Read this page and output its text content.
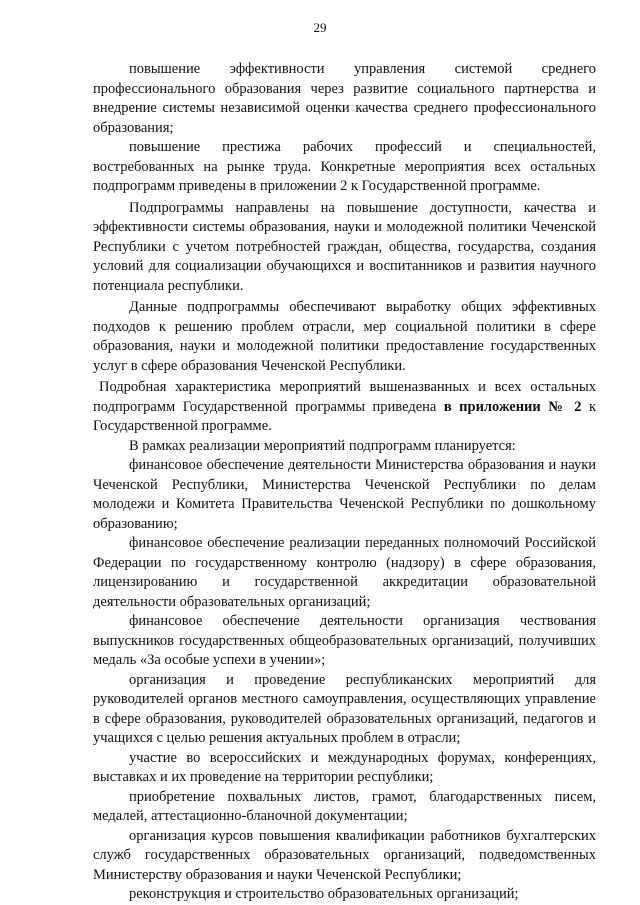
29

повышение эффективности управления системой среднего профессионального образования через развитие социального партнерства и внедрение системы независимой оценки качества среднего профессионального образования;

повышение престижа рабочих профессий и специальностей, востребованных на рынке труда. Конкретные мероприятия всех остальных подпрограмм приведены в приложении 2 к Государственной программе.

Подпрограммы направлены на повышение доступности, качества и эффективности системы образования, науки и молодежной политики Чеченской Республики с учетом потребностей граждан, общества, государства, создания условий для социализации обучающихся и воспитанников и развития научного потенциала республики.

Данные подпрограммы обеспечивают выработку общих эффективных подходов к решению проблем отрасли, мер социальной политики в сфере образования, науки и молодежной политики предоставление государственных услуг в сфере образования Чеченской Республики.

Подробная характеристика мероприятий вышеназванных и всех остальных подпрограмм Государственной программы приведена в приложении № 2 к Государственной программе.

В рамках реализации мероприятий подпрограмм планируется:

финансовое обеспечение деятельности Министерства образования и науки Чеченской Республики, Министерства Чеченской Республики по делам молодежи и Комитета Правительства Чеченской Республики по дошкольному образованию;

финансовое обеспечение реализации переданных полномочий Российской Федерации по государственному контролю (надзору) в сфере образования, лицензированию и государственной аккредитации образовательной деятельности образовательных организаций;

финансовое обеспечение деятельности организация чествования выпускников государственных общеобразовательных организаций, получивших медаль «За особые успехи в учении»;

организация и проведение республиканских мероприятий для руководителей органов местного самоуправления, осуществляющих управление в сфере образования, руководителей образовательных организаций, педагогов и учащихся с целью решения актуальных проблем в отрасли;

участие во всероссийских и международных форумах, конференциях, выставках и их проведение на территории республики;

приобретение похвальных листов, грамот, благодарственных писем, медалей, аттестационно-бланочной документации;

организация курсов повышения квалификации работников бухгалтерских служб государственных образовательных организаций, подведомственных Министерству образования и науки Чеченской Республики;

реконструкция и строительство образовательных организаций;
